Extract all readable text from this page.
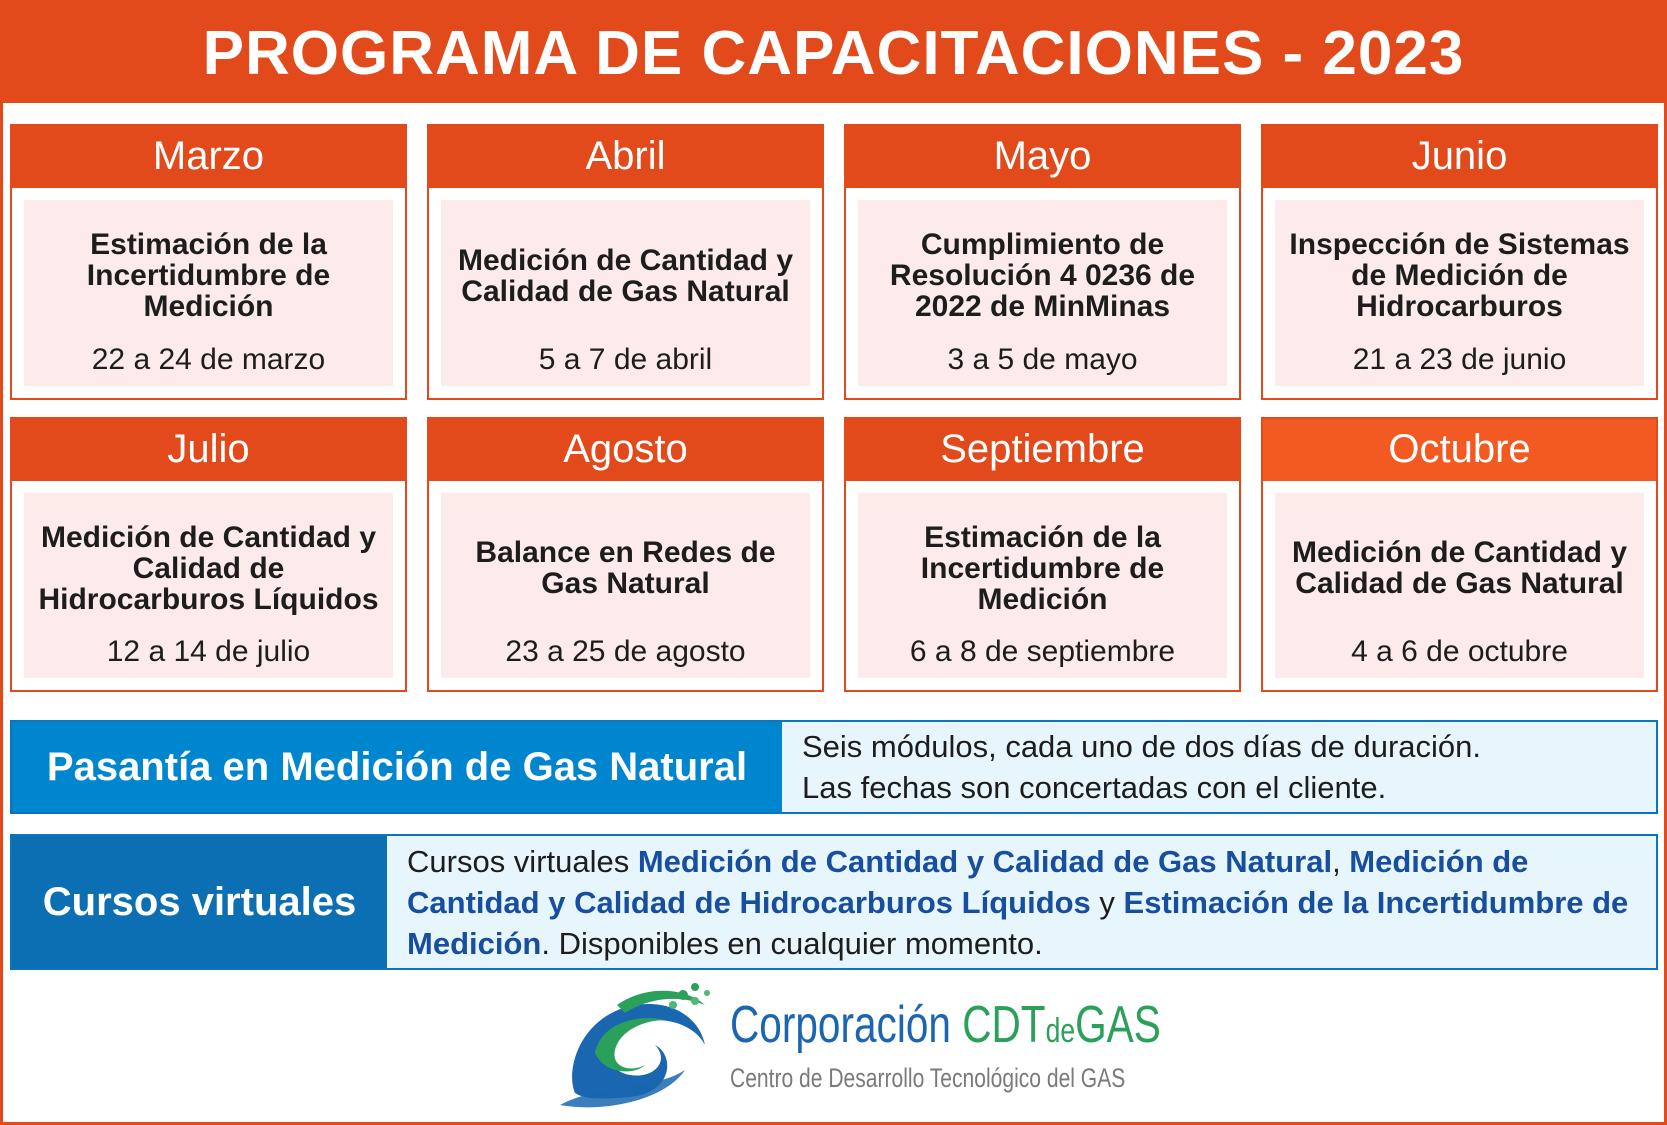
PROGRAMA DE CAPACITACIONES - 2023
Marzo
Estimación de la Incertidumbre de Medición
22 a 24 de marzo
Abril
Medición de Cantidad y Calidad de Gas Natural
5 a 7 de abril
Mayo
Cumplimiento de Resolución 4 0236 de 2022 de MinMinas
3 a 5 de mayo
Junio
Inspección de Sistemas de Medición de Hidrocarburos
21 a 23 de junio
Julio
Medición de Cantidad y Calidad de Hidrocarburos Líquidos
12 a 14 de julio
Agosto
Balance en Redes de Gas Natural
23 a 25 de agosto
Septiembre
Estimación de la Incertidumbre de Medición
6 a 8 de septiembre
Octubre
Medición de Cantidad y Calidad de Gas Natural
4 a 6 de octubre
Pasantía en Medición de Gas Natural	Seis módulos, cada uno de dos días de duración.
Las fechas son concertadas con el cliente.
Cursos virtuales
Cursos virtuales Medición de Cantidad y Calidad de Gas Natural, Medición de Cantidad y Calidad de Hidrocarburos Líquidos y Estimación de la Incertidumbre de Medición. Disponibles en cualquier momento.
Corporación CDTdeGAS
Centro de Desarrollo Tecnológico del GAS
